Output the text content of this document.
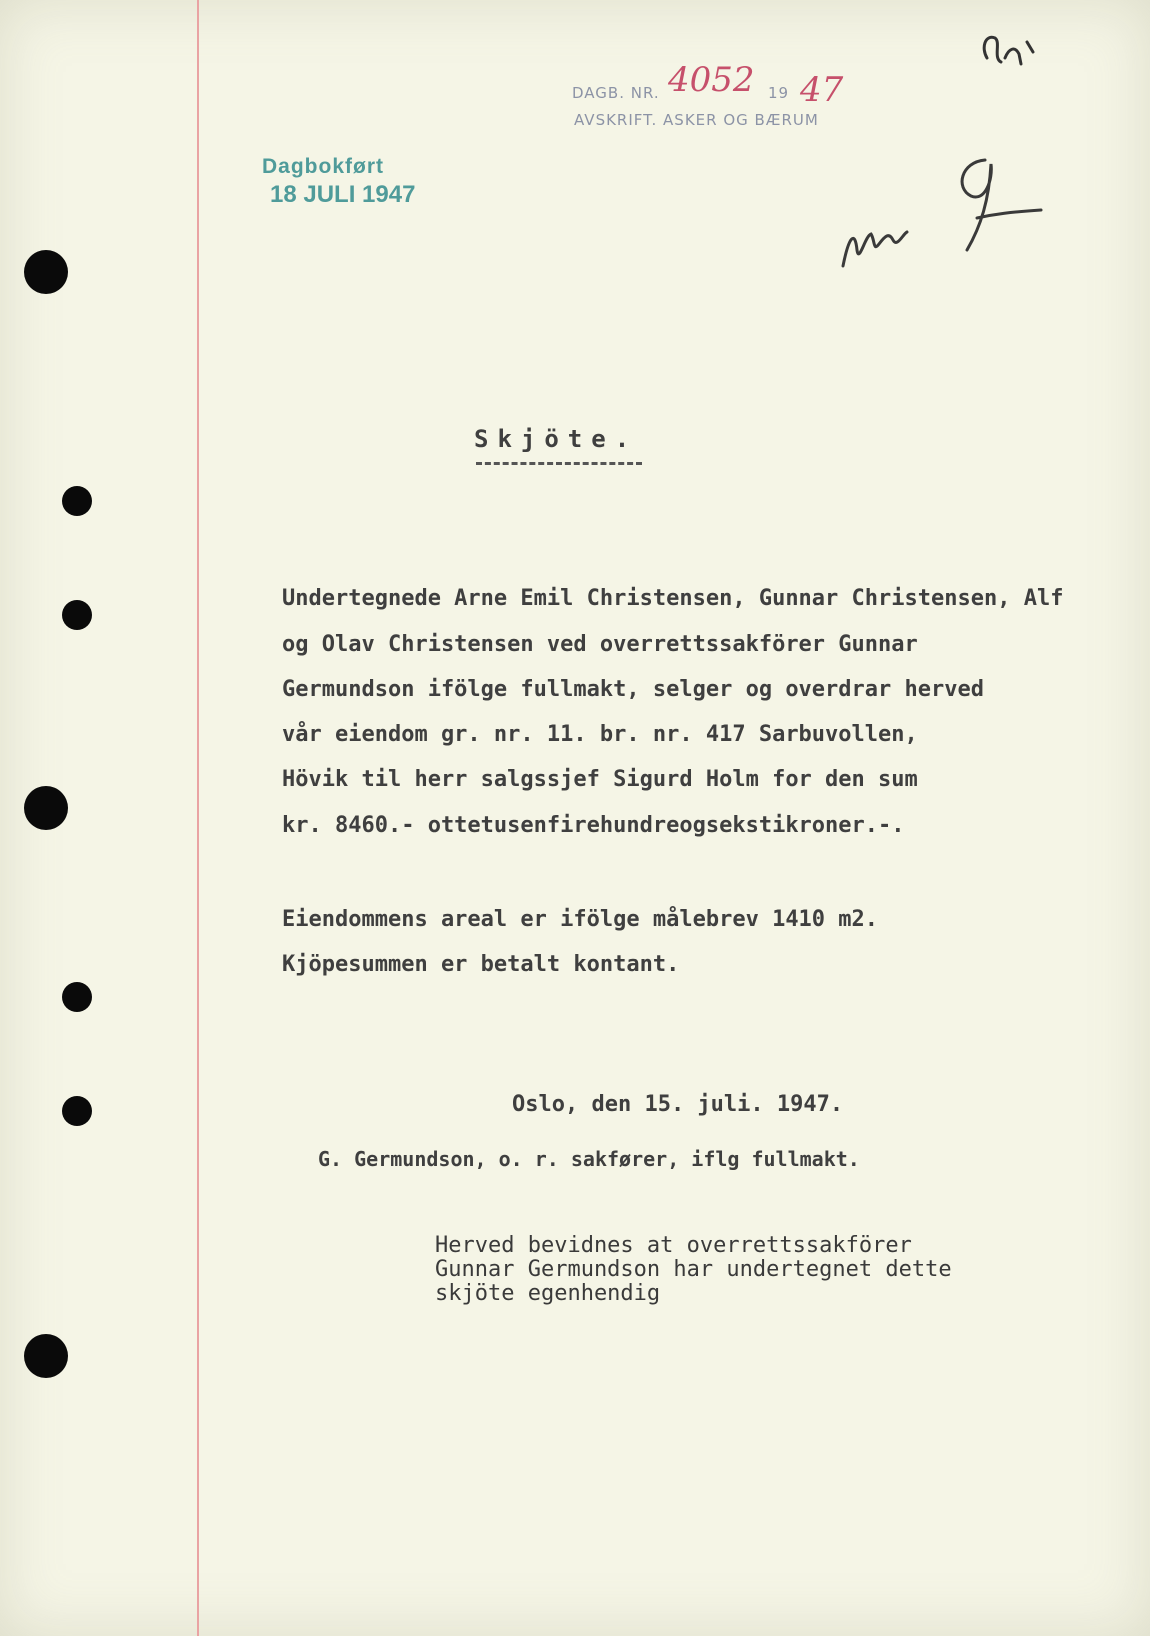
DAGB. NR. 4052 19 47
AVSKRIFT. ASKER OG BÆRUM
Dagbokført
18 JULI 1947
Skjöte.
Undertegnede Arne Emil Christensen, Gunnar Christensen, Alf
og Olav Christensen ved overrettssakförer Gunnar
Germundson ifölge fullmakt, selger og overdrar herved
vår eiendom gr. nr. 11. br. nr. 417 Sarbuvollen,
Hövik til herr salgssjef Sigurd Holm for den sum
kr. 8460.- ottetusenfirehundreogsekstikroner.-.
Eiendommens areal er ifölge målebrev 1410 m2.
Kjöpesummen er betalt kontant.
Oslo, den 15. juli. 1947.
G. Germundson, o. r. sakfører, iflg fullmakt.
Herved bevidnes at overrettssakförer
Gunnar Germundson har undertegnet dette
skjöte egenhendig
